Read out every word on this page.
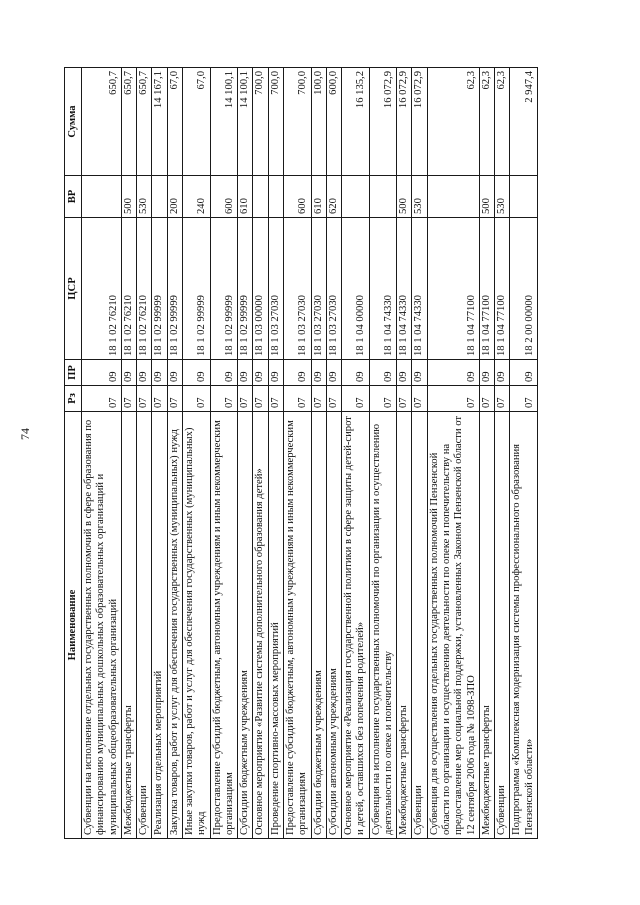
74
Наименование	Рз	ПР	ЦСР	ВР	Сумма
Субвенции на исполнение отдельных государственных полномочий в сфере образования по финансированию муниципальных дошкольных образовательных организаций и муниципальных общеобразовательных организаций	07	09	18 1 02 76210		650,7
Межбюджетные трансферты	07	09	18 1 02 76210	500	650,7
Субвенции	07	09	18 1 02 76210	530	650,7
Реализация отдельных мероприятий	07	09	18 1 02 99999		14 167,1
Закупка товаров, работ и услуг для обеспечения государственных (муниципальных) нужд	07	09	18 1 02 99999	200	67,0
Иные закупки товаров, работ и услуг для обеспечения государственных (муниципальных) нужд	07	09	18 1 02 99999	240	67,0
Предоставление субсидий бюджетным, автономным учреждениям и иным некоммерческим организациям	07	09	18 1 02 99999	600	14 100,1
Субсидии бюджетным учреждениям	07	09	18 1 02 99999	610	14 100,1
Основное мероприятие «Развитие системы дополнительного образования детей»	07	09	18 1 03 00000		700,0
Проведение спортивно-массовых мероприятий	07	09	18 1 03 27030		700,0
Предоставление субсидий бюджетным, автономным учреждениям и иным некоммерческим организациям	07	09	18 1 03 27030	600	700,0
Субсидии бюджетным учреждениям	07	09	18 1 03 27030	610	100,0
Субсидии автономным учреждениям	07	09	18 1 03 27030	620	600,0
Основное мероприятие «Реализация государственной политики в сфере защиты детей-сирот и детей, оставшихся без попечения родителей»	07	09	18 1 04 00000		16 135,2
Субвенция на исполнение государственных полномочий по организации и осуществлению деятельности по опеке и попечительству	07	09	18 1 04 74330		16 072,9
Межбюджетные трансферты	07	09	18 1 04 74330	500	16 072,9
Субвенции	07	09	18 1 04 74330	530	16 072,9
Субвенция для осуществления отдельных государственных полномочий Пензенской области по организации и осуществлению деятельности по опеке и попечительству на предоставление мер социальной поддержки, установленных Законом Пензенской области от 12 сентября 2006 года № 1098-ЗПО	07	09	18 1 04 77100		62,3
Межбюджетные трансферты	07	09	18 1 04 77100	500	62,3
Субвенции	07	09	18 1 04 77100	530	62,3
Подпрограмма «Комплексная модернизация системы профессионального образования Пензенской области»	07	09	18 2 00 00000		2 947,4
